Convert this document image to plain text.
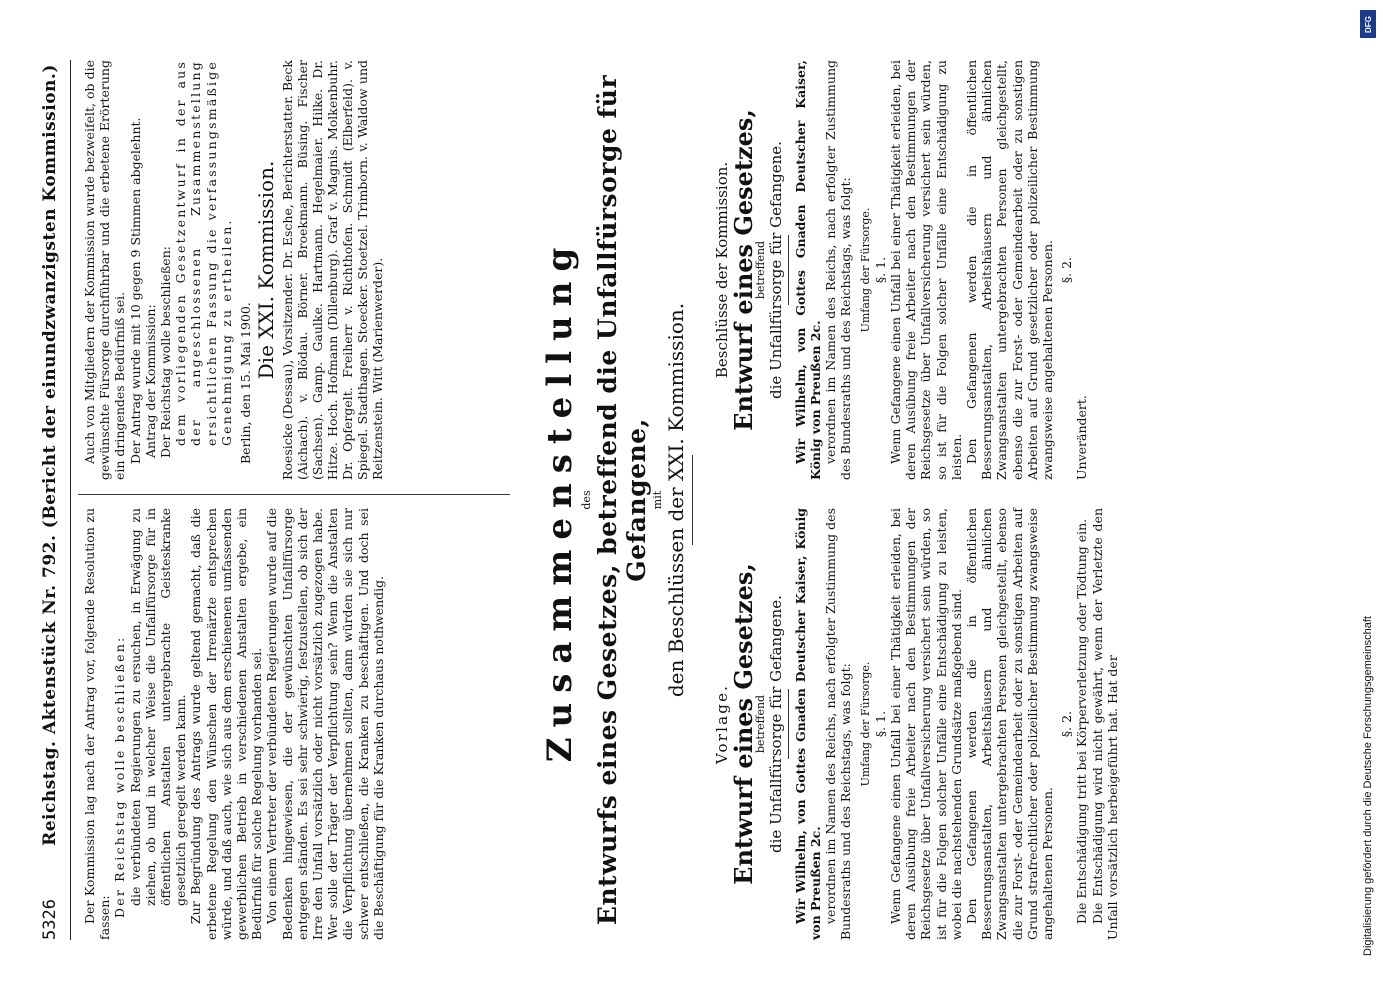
5326
Reichstag. Aktenstück Nr. 792. (Bericht der einundzwanzigsten Kommission.) Der Kommission lag nach der Antrag vor, folgende Resolution zu fassen: Der Reichstag wolle beschließen: die verbündeten Regierungen zu ersuchen, in Erwägung zu ziehen, ob und in welcher Weise die Unfallfürsorge für in öffentlichen Anstalten untergebrachte Geisteskranke gesetzlich geregelt werden kann. Zur Begründung des Antrags wurde geltend gemacht, daß die erbetene Regelung den Wünschen der Irrenärzte entsprechen würde, und daß auch, wie sich aus dem erschienenen umfassenden gewerblichen Betrieb in verschiedenen Anstalten ergebe, ein Bedürfniß für solche Regelung vorhanden sei. Von einem Vertreter der verbündeten Regierungen wurde auf die Bedenken hingewiesen, die der gewünschten Unfallfürsorge entgegen ständen. Es sei sehr schwierig, festzustellen, ob sich der Irre den Unfall vorsätzlich oder nicht vorsätzlich zugezogen habe. Wer solle der Träger der Verpflichtung sein? Wenn die Anstalten die Verpflichtung übernehmen sollten, dann würden sie sich nur schwer entschließen, die Kranken zu beschäftigen. Und doch sei die Beschäftigung für die Kranken durchaus nothwendig.

Auch von Mitgliedern der Kommission wurde bezweifelt, ob die gewünschte Fürsorge durchführbar und die erbetene Erörterung ein dringendes Bedürfniß sei. Der Antrag wurde mit 10 gegen 9 Stimmen abgelehnt. Antrag der Kommission: Der Reichstag wolle beschließen: dem vorliegenden Gesetzentwurf in der aus der angeschlossenen Zusammenstellung ersichtlichen Fassung die verfassungsmäßige Genehmigung zu ertheilen. Berlin, den 15. Mai 1900.

Die XXI. Kommission. Roesicke (Dessau), Vorsitzender. Dr. Esche, Berichterstatter. Beck (Aichach). v. Blödau. Börner. Broekmann. Büsing. Fischer (Sachsen). Gamp. Gaulke. Hartmann. Hegelmaier. Hilke. Dr. Hitze. Hoch. Hofmann (Dillenburg). Graf v. Magnis. Molkenbuhr. Dr. Opfergelt. Freiherr v. Richthofen. Schmidt (Elberfeld). v. Spiegel. Stadthagen. Stoecker. Stoetzel. Trimborn. v. Waldow und Reitzenstein. Witt (Marienwerder).	Zusammenstellung des Entwurfs eines Gesetzes, betreffend die Unfallfürsorge für Gefangene, mit den Beschlüssen der XXI. Kommission.

Vorlage.

Entwurf eines Gesetzes,

betreffend die Unfallfürsorge für Gefangene. Wir Wilhelm, von Gottes Gnaden Deutscher Kaiser, König von Preußen 2c. verordnen im Namen des Reichs, nach erfolgter Zustimmung des Bundesraths und des Reichstags, was folgt: Umfang der Fürsorge. §. 1. Wenn Gefangene einen Unfall bei einer Thätigkeit erleiden, bei deren Ausübung freie Arbeiter nach den Bestimmungen der Reichsgesetze über Unfallversicherung versichert sein würden, so ist für die Folgen solcher Unfälle eine Entschädigung zu leisten, wobei die nachstehenden Grundsätze maßgebend sind. Den Gefangenen werden die in öffentlichen Besserungsanstalten, Arbeitshäusern und ähnlichen Zwangsanstalten untergebrachten Personen gleichgestellt, ebenso die zur Forst- oder Gemeindearbeit oder zu sonstigen Arbeiten auf Grund strafrechtlicher oder polizeilicher Bestimmung zwangsweise angehaltenen Personen.

§. 2. Die Entschädigung tritt bei Körperverletzung oder Tödtung ein. Die Entschädigung wird nicht gewährt, wenn der Verletzte den Unfall vorsätzlich herbeigeführt hat. Hat der

Beschlüsse der Kommission.

Entwurf eines Gesetzes,

betreffend die Unfallfürsorge für Gefangene. Wir Wilhelm, von Gottes Gnaden Deutscher Kaiser, König von Preußen 2c. verordnen im Namen des Reichs, nach erfolgter Zustimmung des Bundesraths und des Reichstags, was folgt: Umfang der Fürsorge. §. 1. Wenn Gefangene einen Unfall bei einer Thätigkeit erleiden, bei deren Ausübung freie Arbeiter nach den Bestimmungen der Reichsgesetze über Unfallversicherung versichert sein würden, so ist für die Folgen solcher Unfälle eine Entschädigung zu leisten. Den Gefangenen werden die in öffentlichen Besserungsanstalten, Arbeitshäusern und ähnlichen Zwangsanstalten untergebrachten Personen gleichgestellt, ebenso die zur Forst- oder Gemeindearbeit oder zu sonstigen Arbeiten auf Grund gesetzlicher oder polizeilicher Bestimmung zwangsweise angehaltenen Personen. §. 2.

Unverändert.

DFG
Digitalisierung gefördert durch die Deutsche Forschungsgemeinschaft
